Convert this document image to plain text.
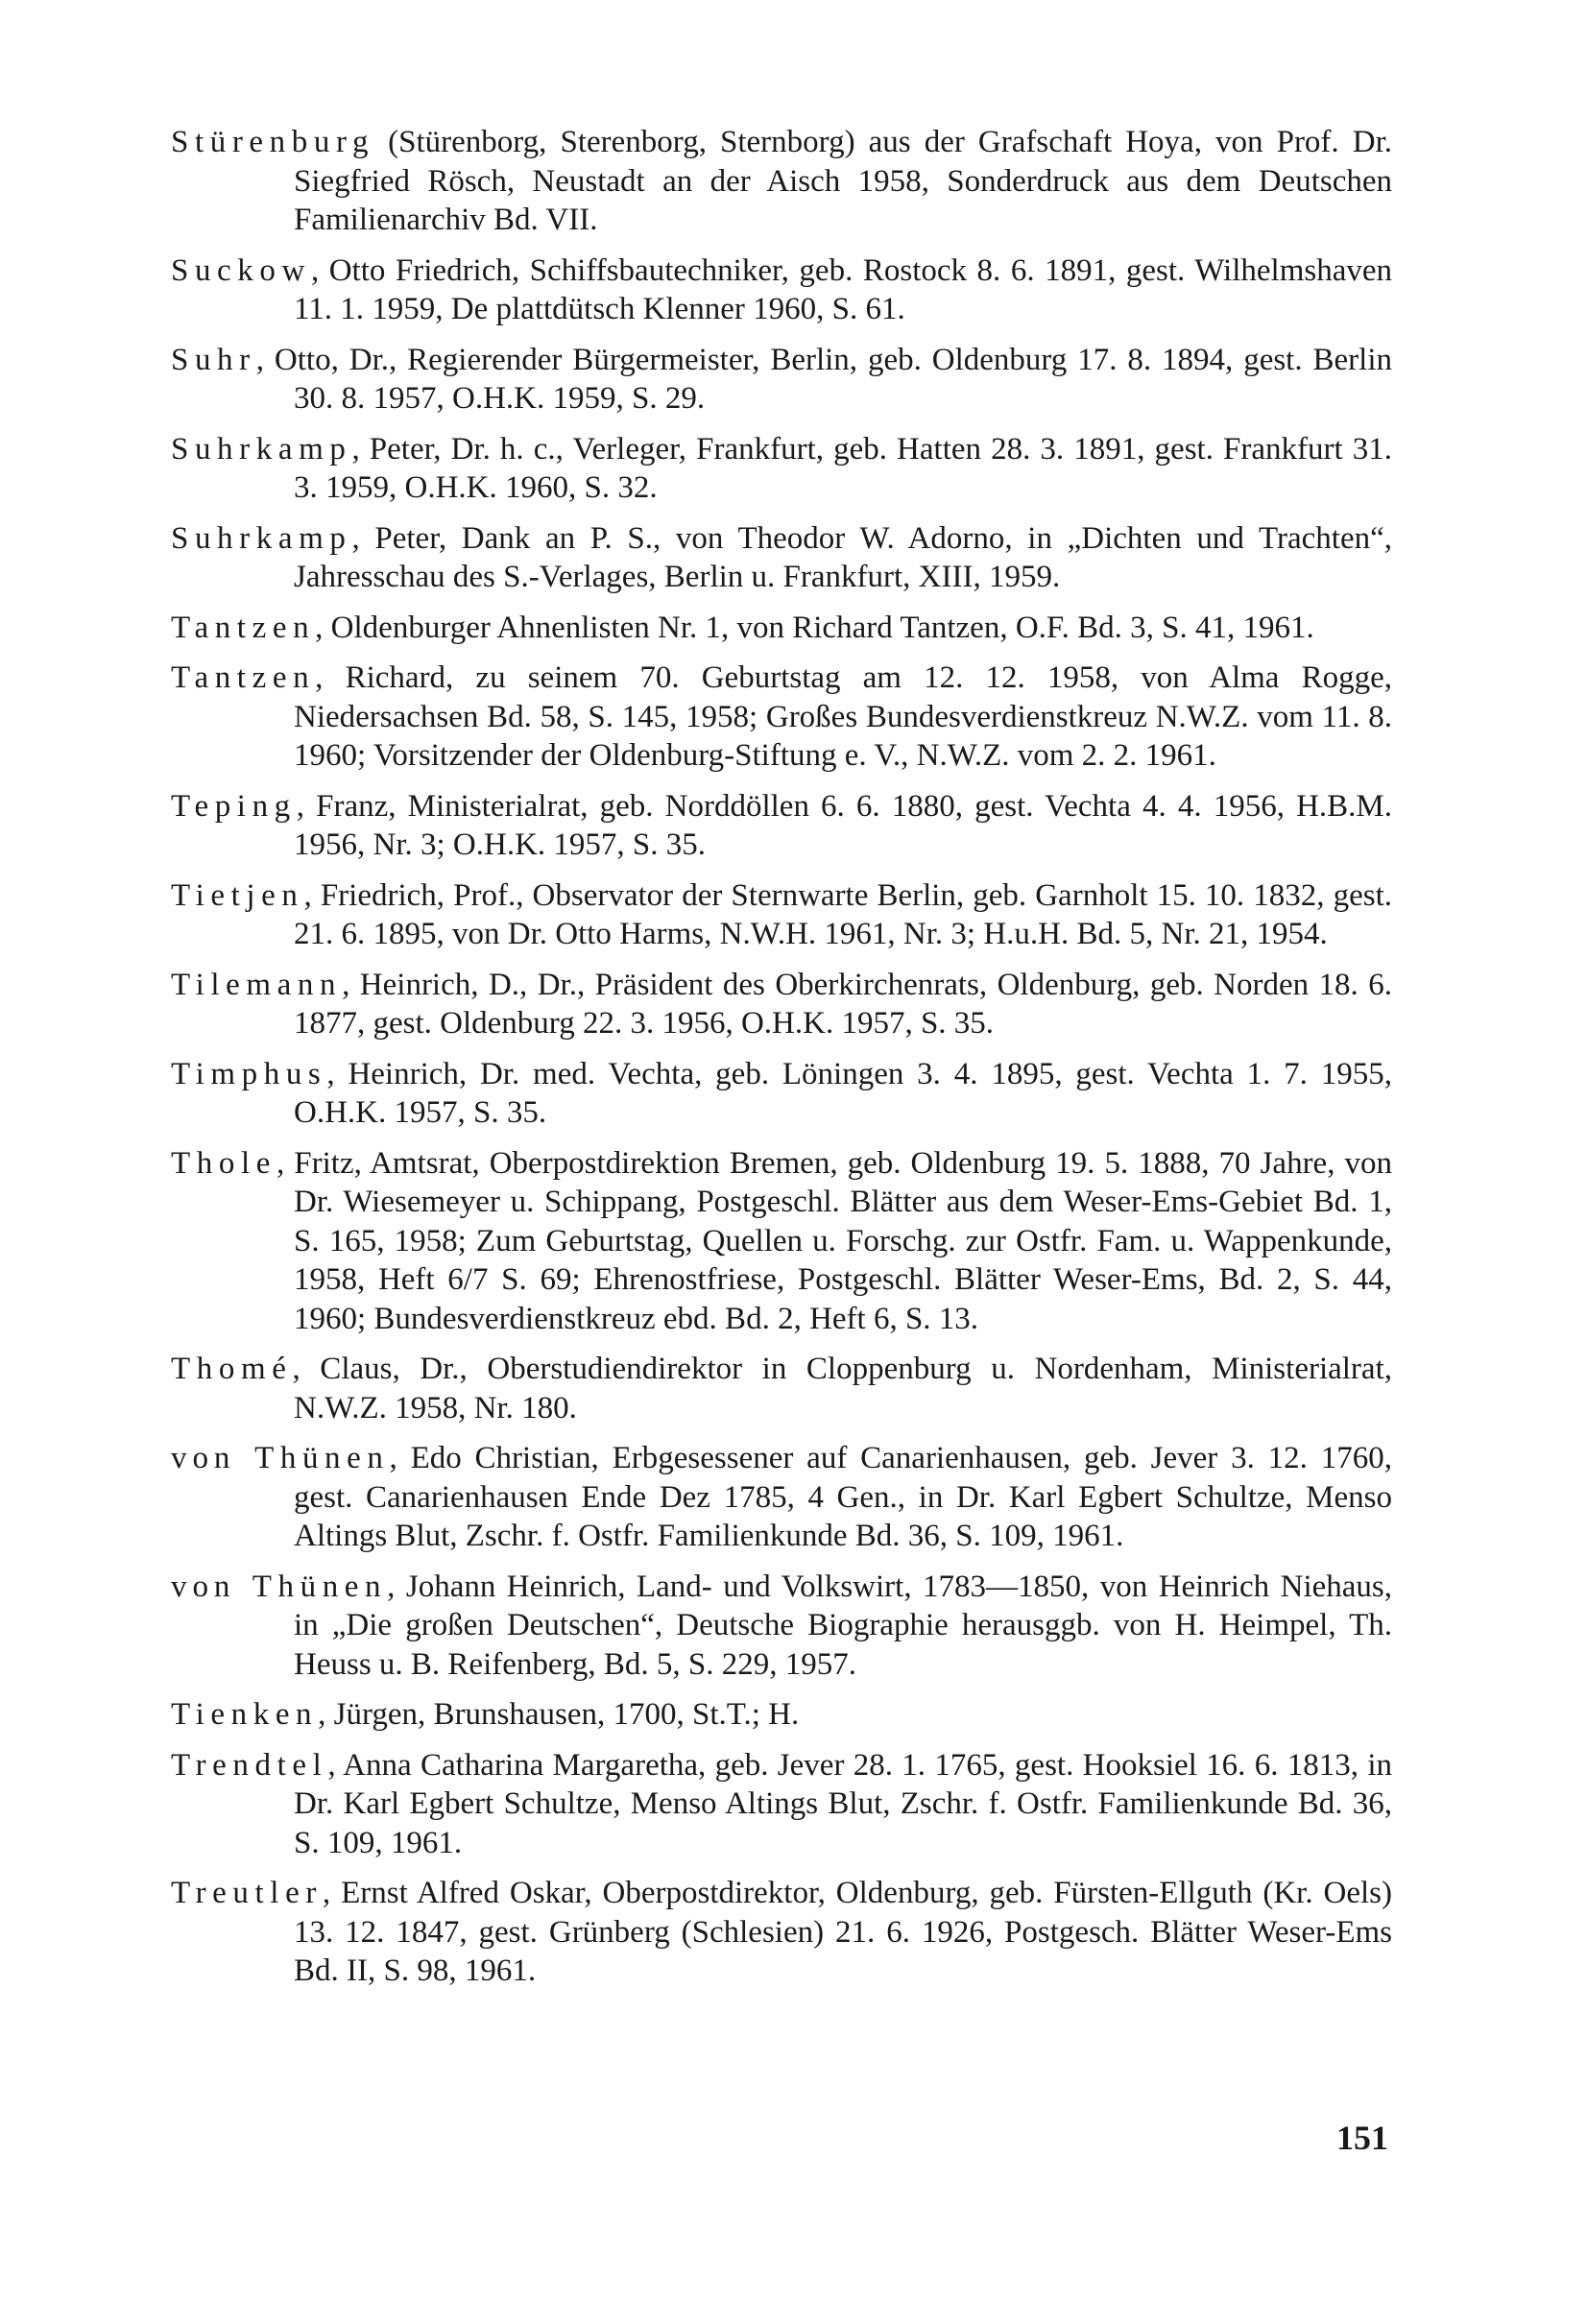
Stürenburg (Stürenborg, Sterenborg, Sternborg) aus der Grafschaft Hoya, von Prof. Dr. Siegfried Rösch, Neustadt an der Aisch 1958, Sonderdruck aus dem Deutschen Familienarchiv Bd. VII.

Suckow, Otto Friedrich, Schiffsbautechniker, geb. Rostock 8. 6. 1891, gest. Wilhelmshaven 11. 1. 1959, De plattdütsch Klenner 1960, S. 61.

Suhr, Otto, Dr., Regierender Bürgermeister, Berlin, geb. Oldenburg 17. 8. 1894, gest. Berlin 30. 8. 1957, O.H.K. 1959, S. 29.

Suhrkamp, Peter, Dr. h. c., Verleger, Frankfurt, geb. Hatten 28. 3. 1891, gest. Frankfurt 31. 3. 1959, O.H.K. 1960, S. 32.

Suhrkamp, Peter, Dank an P. S., von Theodor W. Adorno, in „Dichten und Trachten“, Jahresschau des S.-Verlages, Berlin u. Frankfurt, XIII, 1959.

Tantzen, Oldenburger Ahnenlisten Nr. 1, von Richard Tantzen, O.F. Bd. 3, S. 41, 1961.

Tantzen, Richard, zu seinem 70. Geburtstag am 12. 12. 1958, von Alma Rogge, Niedersachsen Bd. 58, S. 145, 1958; Großes Bundesverdienstkreuz N.W.Z. vom 11. 8. 1960; Vorsitzender der Oldenburg-Stiftung e. V., N.W.Z. vom 2. 2. 1961.

Teping, Franz, Ministerialrat, geb. Norddöllen 6. 6. 1880, gest. Vechta 4. 4. 1956, H.B.M. 1956, Nr. 3; O.H.K. 1957, S. 35.

Tietjen, Friedrich, Prof., Observator der Sternwarte Berlin, geb. Garnholt 15. 10. 1832, gest. 21. 6. 1895, von Dr. Otto Harms, N.W.H. 1961, Nr. 3; H.u.H. Bd. 5, Nr. 21, 1954.

Tilemann, Heinrich, D., Dr., Präsident des Oberkirchenrats, Oldenburg, geb. Norden 18. 6. 1877, gest. Oldenburg 22. 3. 1956, O.H.K. 1957, S. 35.

Timphus, Heinrich, Dr. med. Vechta, geb. Löningen 3. 4. 1895, gest. Vechta 1. 7. 1955, O.H.K. 1957, S. 35.

Thole, Fritz, Amtsrat, Oberpostdirektion Bremen, geb. Oldenburg 19. 5. 1888, 70 Jahre, von Dr. Wiesemeyer u. Schippang, Postgeschl. Blätter aus dem Weser-Ems-Gebiet Bd. 1, S. 165, 1958; Zum Geburtstag, Quellen u. Forschg. zur Ostfr. Fam. u. Wappenkunde, 1958, Heft 6/7 S. 69; Ehrenostfriese, Postgeschl. Blätter Weser-Ems, Bd. 2, S. 44, 1960; Bundesverdienstkreuz ebd. Bd. 2, Heft 6, S. 13.

Thomé, Claus, Dr., Oberstudiendirektor in Cloppenburg u. Nordenham, Ministerialrat, N.W.Z. 1958, Nr. 180.

von Thünen, Edo Christian, Erbgesessener auf Canarienhausen, geb. Jever 3. 12. 1760, gest. Canarienhausen Ende Dez 1785, 4 Gen., in Dr. Karl Egbert Schultze, Menso Altings Blut, Zschr. f. Ostfr. Familienkunde Bd. 36, S. 109, 1961.

von Thünen, Johann Heinrich, Land- und Volkswirt, 1783—1850, von Heinrich Niehaus, in „Die großen Deutschen“, Deutsche Biographie herausggb. von H. Heimpel, Th. Heuss u. B. Reifenberg, Bd. 5, S. 229, 1957.

Tienken, Jürgen, Brunshausen, 1700, St.T.; H.

Trendtel, Anna Catharina Margaretha, geb. Jever 28. 1. 1765, gest. Hooksiel 16. 6. 1813, in Dr. Karl Egbert Schultze, Menso Altings Blut, Zschr. f. Ostfr. Familienkunde Bd. 36, S. 109, 1961.

Treutler, Ernst Alfred Oskar, Oberpostdirektor, Oldenburg, geb. Fürsten-Ellguth (Kr. Oels) 13. 12. 1847, gest. Grünberg (Schlesien) 21. 6. 1926, Postgesch. Blätter Weser-Ems Bd. II, S. 98, 1961.

151
